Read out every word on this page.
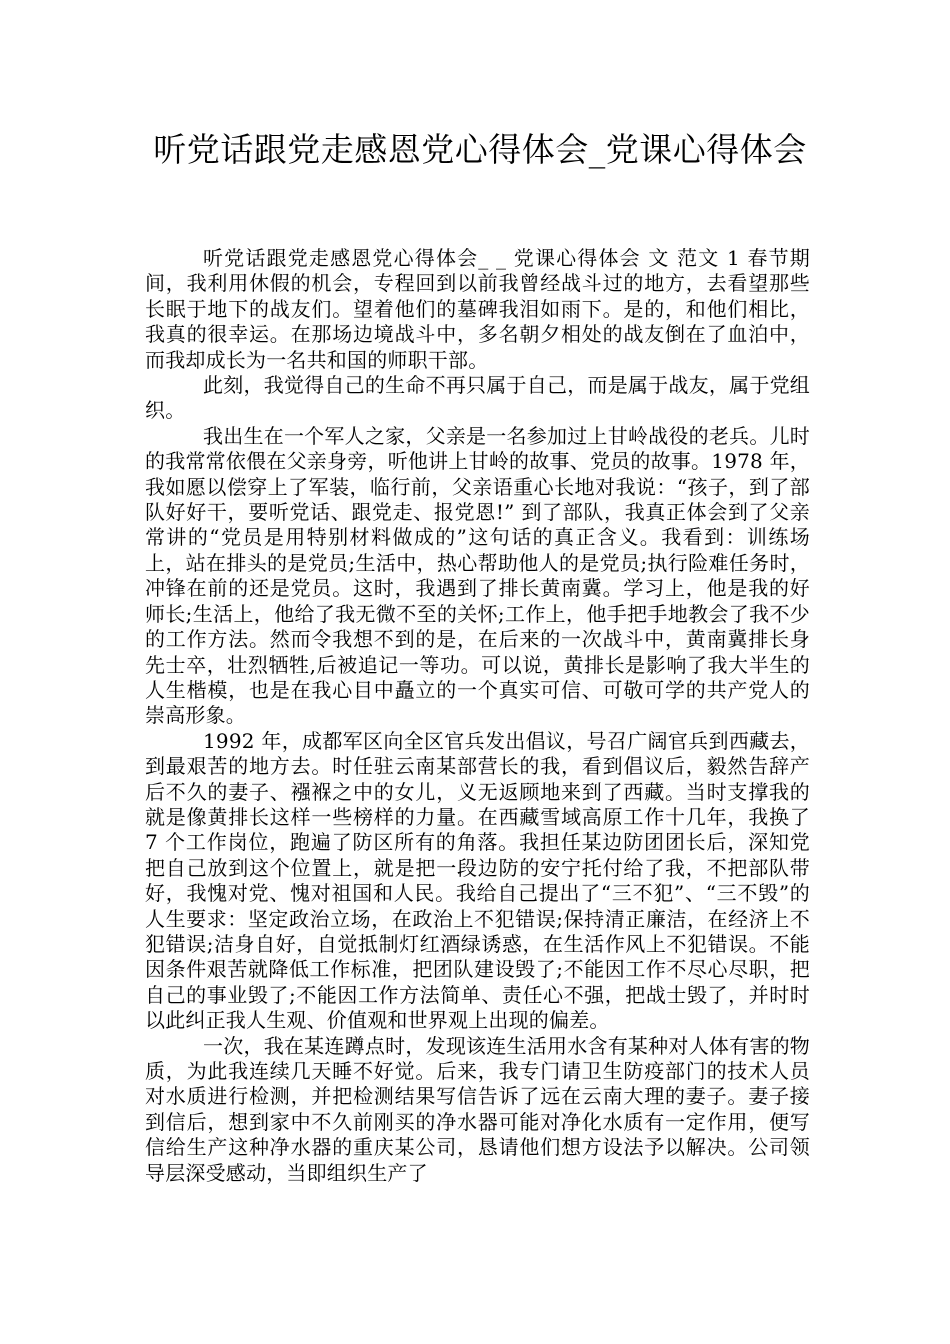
听党话跟党走感恩党心得体会_党课心得体会

听党话跟党走感恩党心得体会_ _ 党课心得体会 文 范文 1 春节期间，我利用休假的机会，专程回到以前我曾经战斗过的地方，去看望那些长眠于地下的战友们。望着他们的墓碑我泪如雨下。是的，和他们相比，我真的很幸运。在那场边境战斗中，多名朝夕相处的战友倒在了血泊中，而我却成长为一名共和国的师职干部。

此刻，我觉得自己的生命不再只属于自己，而是属于战友，属于党组织。

我出生在一个军人之家，父亲是一名参加过上甘岭战役的老兵。儿时的我常常依偎在父亲身旁，听他讲上甘岭的故事、党员的故事。1978 年，我如愿以偿穿上了军装，临行前，父亲语重心长地对我说：“孩子，到了部队好好干，要听党话、跟党走、报党恩!” 到了部队，我真正体会到了父亲常讲的“党员是用特别材料做成的”这句话的真正含义。我看到：训练场上，站在排头的是党员;生活中，热心帮助他人的是党员;执行险难任务时，冲锋在前的还是党员。这时，我遇到了排长黄南冀。学习上，他是我的好师长;生活上，他给了我无微不至的关怀;工作上，他手把手地教会了我不少的工作方法。然而令我想不到的是，在后来的一次战斗中，黄南冀排长身先士卒，壮烈牺牲,后被追记一等功。可以说，黄排长是影响了我大半生的人生楷模，也是在我心目中矗立的一个真实可信、可敬可学的共产党人的崇高形象。

1992 年，成都军区向全区官兵发出倡议，号召广阔官兵到西藏去，到最艰苦的地方去。时任驻云南某部营长的我，看到倡议后，毅然告辞产后不久的妻子、襁褓之中的女儿，义无返顾地来到了西藏。当时支撑我的就是像黄排长这样一些榜样的力量。在西藏雪域高原工作十几年，我换了 7 个工作岗位，跑遍了防区所有的角落。我担任某边防团团长后，深知党把自己放到这个位置上，就是把一段边防的安宁托付给了我，不把部队带好，我愧对党、愧对祖国和人民。我给自己提出了“三不犯”、“三不毁”的人生要求：坚定政治立场，在政治上不犯错误;保持清正廉洁，在经济上不犯错误;洁身自好，自觉抵制灯红酒绿诱惑，在生活作风上不犯错误。不能因条件艰苦就降低工作标准，把团队建设毁了;不能因工作不尽心尽职，把自己的事业毁了;不能因工作方法简单、责任心不强，把战士毁了，并时时以此纠正我人生观、价值观和世界观上出现的偏差。

一次，我在某连蹲点时，发现该连生活用水含有某种对人体有害的物质，为此我连续几天睡不好觉。后来，我专门请卫生防疫部门的技术人员对水质进行检测，并把检测结果写信告诉了远在云南大理的妻子。妻子接到信后，想到家中不久前刚买的净水器可能对净化水质有一定作用，便写信给生产这种净水器的重庆某公司，恳请他们想方设法予以解决。公司领导层深受感动，当即组织生产了
